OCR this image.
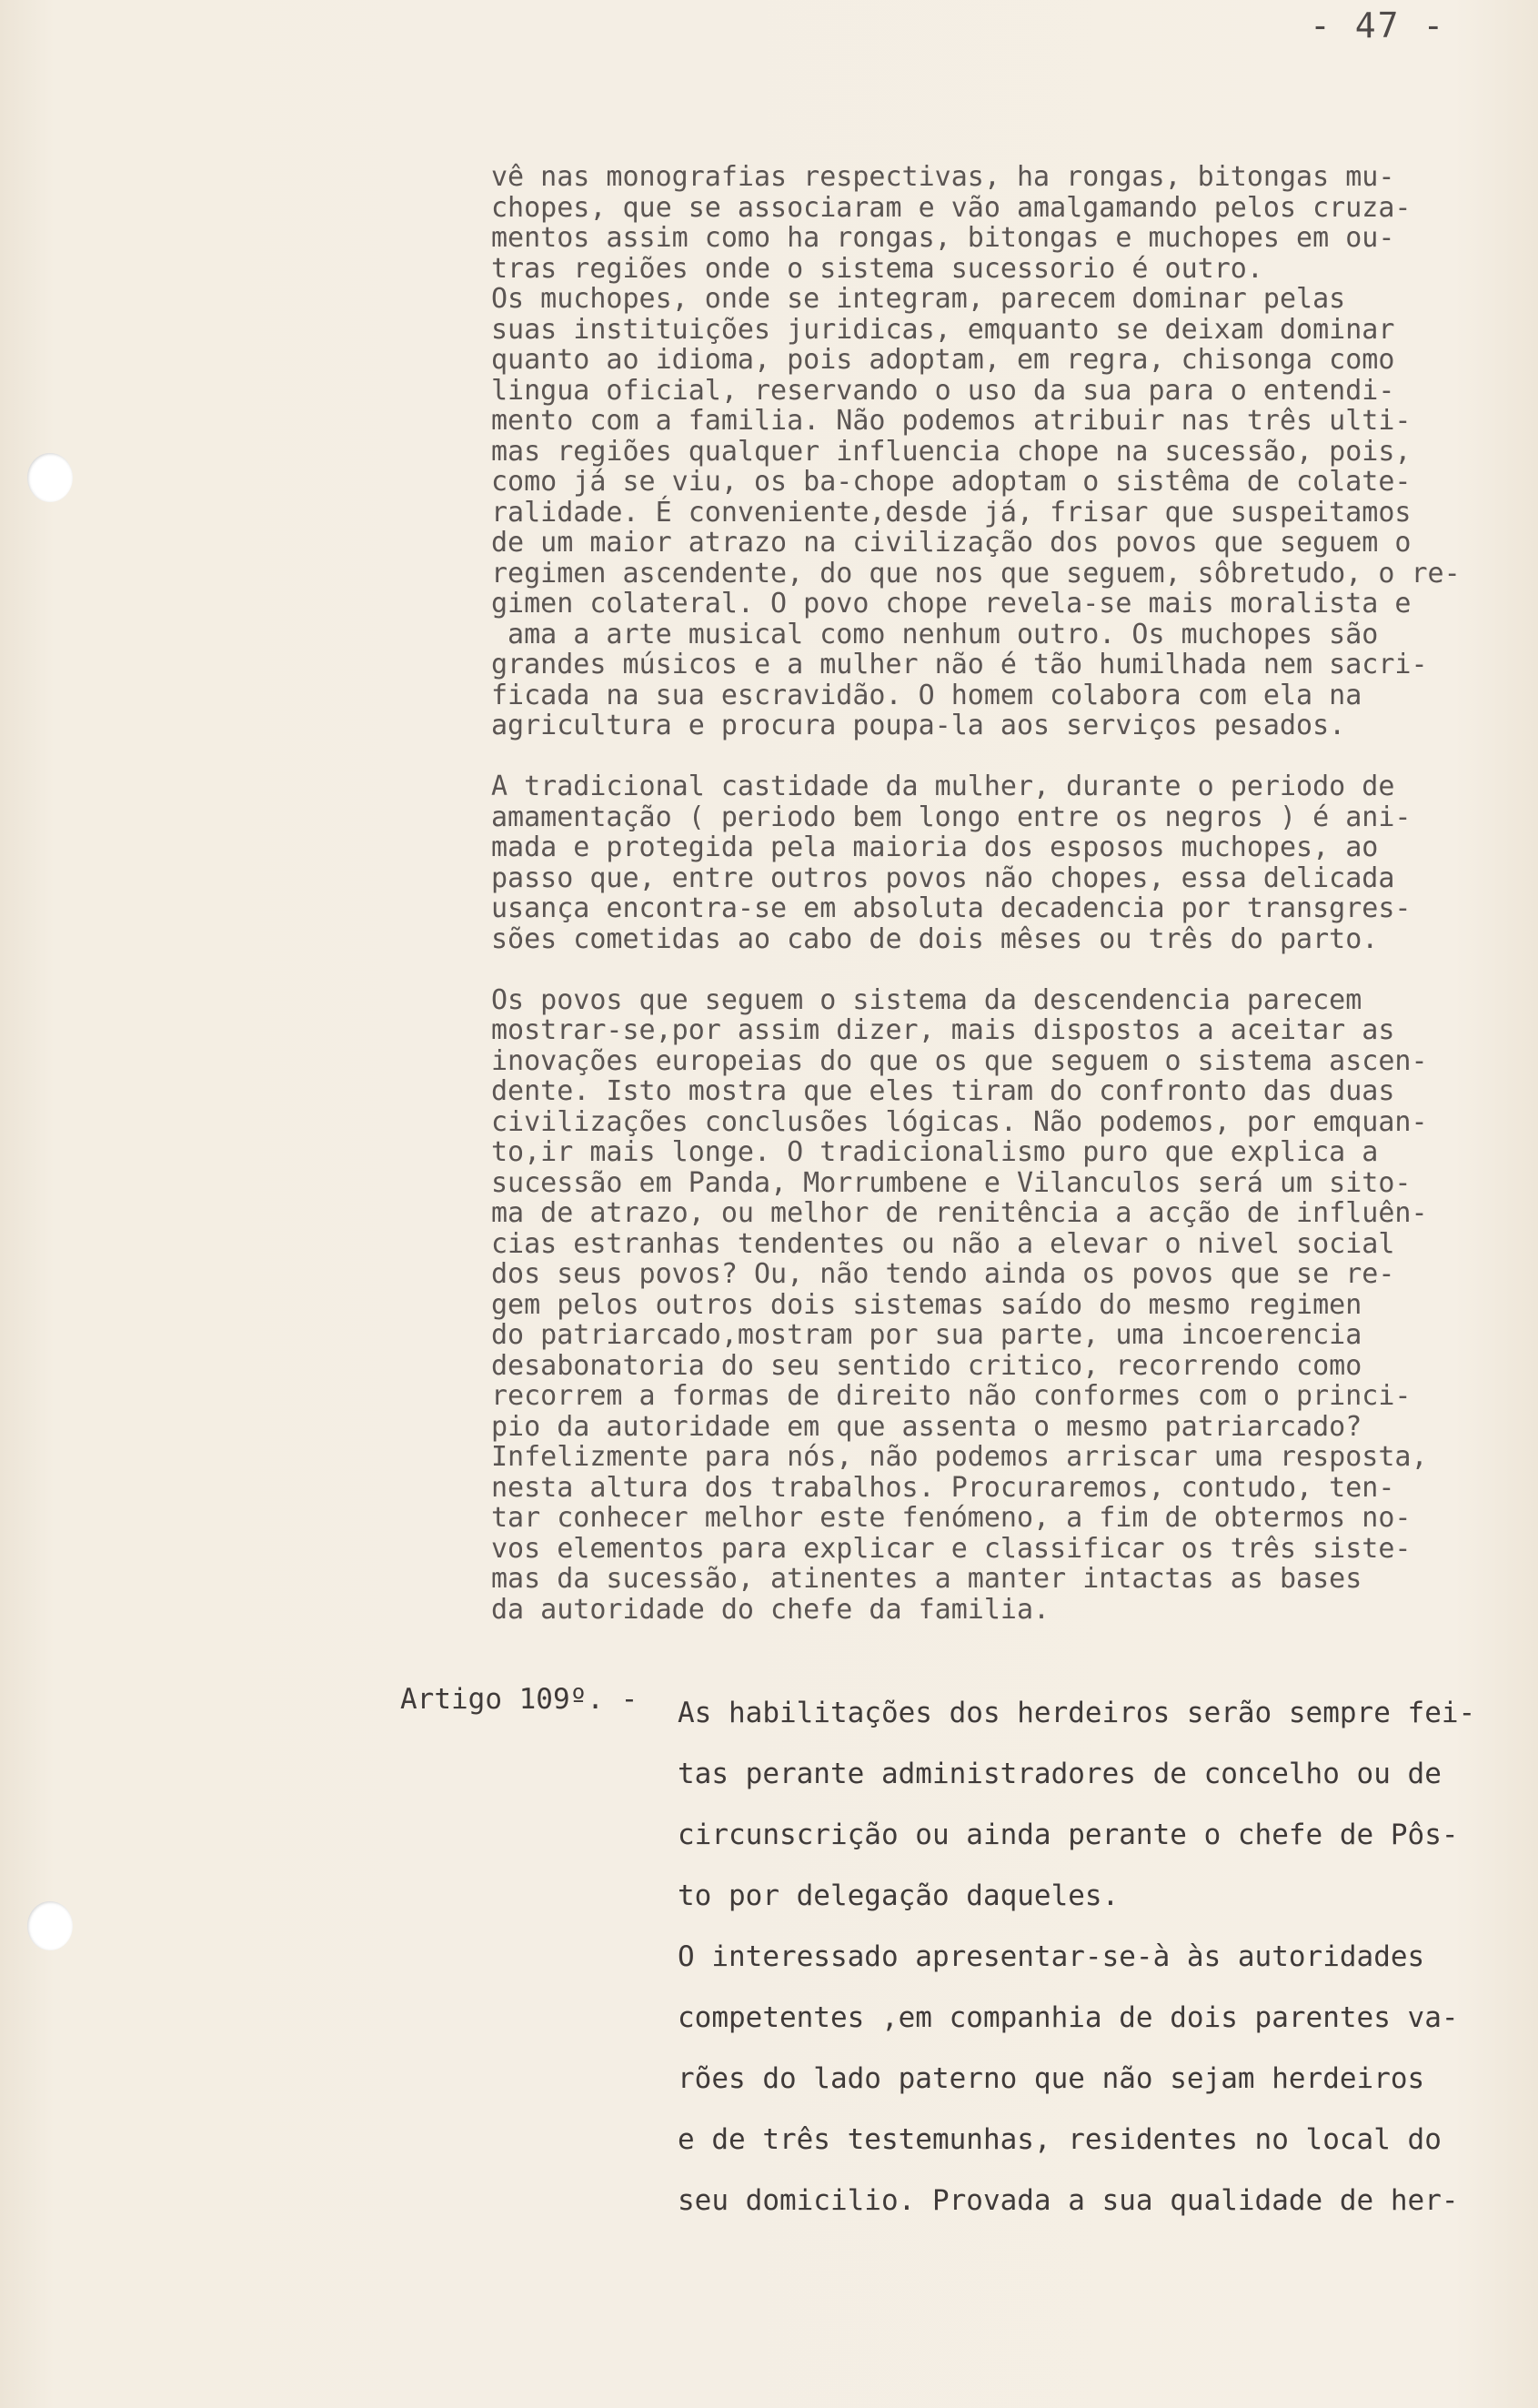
- 47 -

vê nas monografias respectivas, ha rongas, bitongas mu-

chopes, que se associaram e vão amalgamando pelos cruza-

mentos assim como ha rongas, bitongas e muchopes em ou-

tras regiões onde o sistema sucessorio é outro.

Os muchopes, onde se integram, parecem dominar pelas

suas instituições juridicas, emquanto se deixam dominar

quanto ao idioma, pois adoptam, em regra, chisonga como

lingua oficial, reservando o uso da sua para o entendi-

mento com a familia. Não podemos atribuir nas três ulti-

mas regiões qualquer influencia chope na sucessão, pois,

como já se viu, os ba-chope adoptam o sistêma de colate-

ralidade. É conveniente,desde já, frisar que suspeitamos

de um maior atrazo na civilização dos povos que seguem o

regimen ascendente, do que nos que seguem, sôbretudo, o re-

gimen colateral. O povo chope revela-se mais moralista e

ama a arte musical como nenhum outro. Os muchopes são

grandes músicos e a mulher não é tão humilhada nem sacri-

ficada na sua escravidão. O homem colabora com ela na

agricultura e procura poupa-la aos serviços pesados.

A tradicional castidade da mulher, durante o periodo de

amamentação ( periodo bem longo entre os negros ) é ani-

mada e protegida pela maioria dos esposos muchopes, ao

passo que, entre outros povos não chopes, essa delicada

usança encontra-se em absoluta decadencia por transgres-

sões cometidas ao cabo de dois mêses ou três do parto.

Os povos que seguem o sistema da descendencia parecem

mostrar-se,por assim dizer, mais dispostos a aceitar as

inovações europeias do que os que seguem o sistema ascen-

dente. Isto mostra que eles tiram do confronto das duas

civilizações conclusões lógicas. Não podemos, por emquan-

to,ir mais longe. O tradicionalismo puro que explica a

sucessão em Panda, Morrumbene e Vilanculos será um sito-

ma de atrazo, ou melhor de renitência a acção de influên-

cias estranhas tendentes ou não a elevar o nivel social

dos seus povos? Ou, não tendo ainda os povos que se re-

gem pelos outros dois sistemas saído do mesmo regimen

do patriarcado,mostram por sua parte, uma incoerencia

desabonatoria do seu sentido critico, recorrendo como

recorrem a formas de direito não conformes com o princi-

pio da autoridade em que assenta o mesmo patriarcado?

Infelizmente para nós, não podemos arriscar uma resposta,

nesta altura dos trabalhos. Procuraremos, contudo, ten-

tar conhecer melhor este fenómeno, a fim de obtermos no-

vos elementos para explicar e classificar os três siste-

mas da sucessão, atinentes a manter intactas as bases

da autoridade do chefe da familia.

Artigo 109º. - As habilitações dos herdeiros serão sempre fei-

tas perante administradores de concelho ou de

circunscrição ou ainda perante o chefe de Pôs-

to por delegação daqueles.

O interessado apresentar-se-à às autoridades

competentes ,em companhia de dois parentes va-

rões do lado paterno que não sejam herdeiros

e de três testemunhas, residentes no local do

seu domicilio. Provada a sua qualidade de her-
